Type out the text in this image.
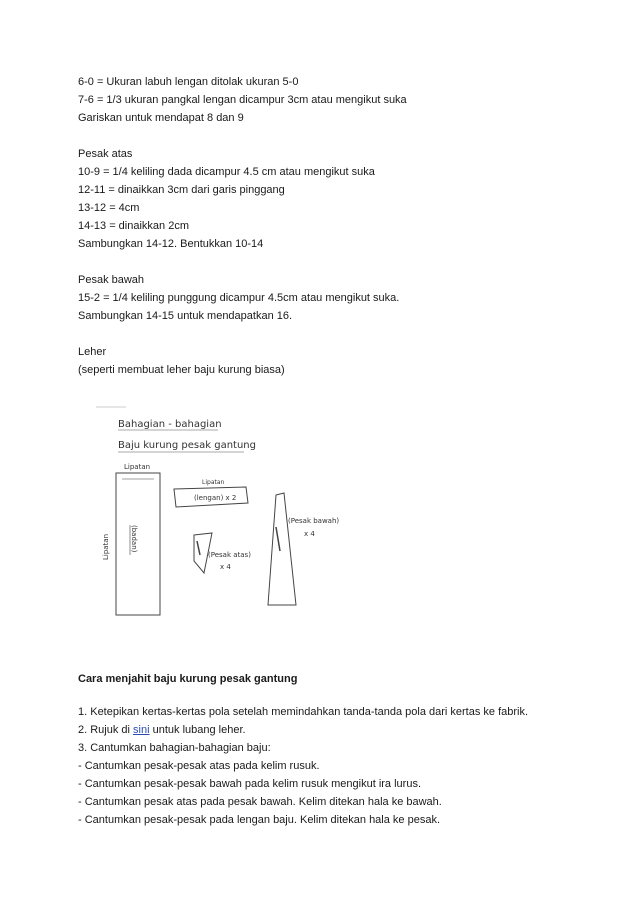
6-0 = Ukuran labuh lengan ditolak ukuran 5-0
7-6 = 1/3 ukuran pangkal lengan dicampur 3cm atau mengikut suka
Gariskan untuk mendapat 8 dan 9
Pesak atas
10-9 = 1/4 keliling dada dicampur 4.5 cm atau mengikut suka
12-11 = dinaikkan 3cm dari garis pinggang
13-12 = 4cm
14-13 = dinaikkan 2cm
Sambungkan 14-12. Bentukkan 10-14
Pesak bawah
15-2 = 1/4 keliling punggung dicampur 4.5cm atau mengikut suka.
Sambungkan 14-15 untuk mendapatkan 16.
Leher
(seperti membuat leher baju kurung biasa)
Bahagian - bahagian
Baju kurung pesak gantung
Lipatan
Lipatan	(badan)
Lipatan
(lengan) x 2
(Pesak atas)
x 4
(Pesak bawah)
x 4
Cara menjahit baju kurung pesak gantung
1. Ketepikan kertas-kertas pola setelah memindahkan tanda-tanda pola dari kertas ke fabrik.
2. Rujuk di sini untuk lubang leher.
3. Cantumkan bahagian-bahagian baju:
- Cantumkan pesak-pesak atas pada kelim rusuk.
- Cantumkan pesak-pesak bawah pada kelim rusuk mengikut ira lurus.
- Cantumkan pesak atas pada pesak bawah. Kelim ditekan hala ke bawah.
- Cantumkan pesak-pesak pada lengan baju. Kelim ditekan hala ke pesak.
